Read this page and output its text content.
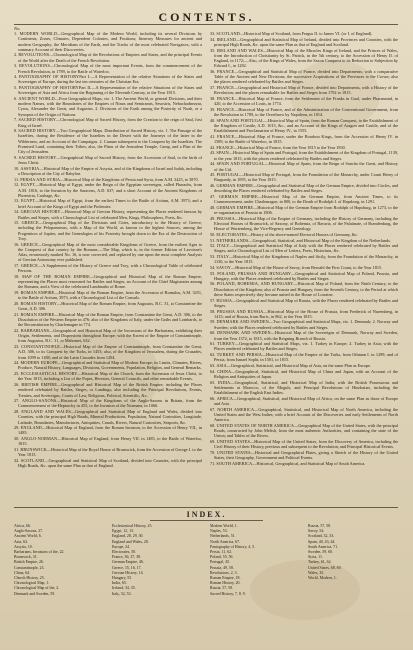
CONTENTS.
No.
1. MODERN WORLD—Geographical Map of the Modern World, including its several Divisions by Continents, Zones, Climates, Dependent Colonies, and Positions; Itinerary Measures for ancient and modern Geography; the Meridians of the Earth, and the Tracks of the most celebrated Navigators, with a summary Account of their Discoveries.
2. REVOLUTIONS—Chronological Map of the Revolutions of Empires and States, and the principal Events of the World after the Death of the French Revolution.
3. REVOLUTIONS—Chronological Map of the most important Events, from the commencement of the French Revolution, in 1789, to the Battle of Waterloo.
4. PANTOGRAPHY OF HISTORYPart I.—A Representation of the relative Situations of the States and Sovereigns of Europe, during the last ten centuries of the Christian Era.
5. PANTOGRAPHY OF HISTORYPart II.—A Representation of the relative Situations of the States and Sovereigns of Asia and Africa from the Beginning of the Eleventh Century, to the Year 1815.
6. ANCIENT WORLD—Four Geographical Maps, viz. 1. The Ancient World, or general Divisions, and their modern Names, with the Boundaries of the Empires of Ninus and Semiramis, Sesostris, Nebuchadnezzar, Cyrus, Alexander the Great, and Augustus. 2. Divisions of the Earth among the Posterity of Noah, or a Synopsis of the Origin of Nations.
7. SACRED HISTORY—Chronological Map of Sacred History, from the Creation to the reign of Saul, first King of Israel.
8. SACRED HISTORY—Two Geographical Maps. Distribution of Sacred History, viz. 1. The Passage of the Israelites, during the Residence of the Israelites in the Desert with the Journeys of the latter in the Wilderness, and an Account of the Campaigns. 2. Canaan subsequent to the Conquest by the Israelites. The Promised Land, containing their Tribes; also, the Plans of the Jerusalem Temple, Camp, and a Plan of the City of Jerusalem.
9. SACRED HISTORY—Geographical Map of Sacred History, from the Accession of Saul, to the birth of Jesus Christ.
10. ASSYRIA—Historical Map of the Empire of Assyria, and of the Kingdoms of Israel and Judah, including a Description of the City of Babylon.
11. PERSIA AND SYRIA—Historical Map of the Kingdoms of Persia and Syria, from A.M. 3425, to 3870.
12. EGYPT—Historical Map of Egypt, under the Reign of the Egyptian sovereigns, called Pharaohs, from A.M. 1816, to the Invasion by the Saracens, A.D. 637; and a short Account of the Ancient Kingdoms of Phoenicia, Carthage, &c.
13. EGYPT—Historical Map of Egypt, from the earliest Times to the Battle of Actium, A.M. 3973; and a brief Account of the Kings of Egypt and the Ptolemies.
14. GRECIAN HISTORY—Historical Map of Grecian History, representing the Places rendered famous by Battles and Sieges, with a Chronological List of celebrated Men, Kings, Philosophers, Poets, &c.
15. GREECE—Geographical Map of the Divisions and Cities, introductory to the History of Greece, including the Peloponnesus, with a Map of the World, as known to the highest Sources, among the Progenitors of Jupiter, and the Genealogies of his Posterity brought down to the Era of the Destruction of Troy.
16. GREECE—Geographical Map of the most considerable Kingdoms of Greece, from the earliest Ages to the Conquest of that country by the Romans.—The Map, which is, in the former Edition of Lavoisne's Atlas, erroneously marked No. 16, is now corrected, and replaced by one upon the most complete Analysis of Grecian Astronomy ever published.
17. GREECE—A Supplement of the History of Greece and Troy, with a Chronological Table of celebrated Persons.
18. MAP OF THE ROMAN EMPIRE—Geographical and Historical Map of the Roman Empire, representing the Places most renowned for Battles and Sieges; an Account of the Chief Magistrates among the Romans; and a View of the celebrated Landmarks of Rome.
19. ROMAN EMPIRE—Historical Map of the Roman Empire, from the Accession of Romulus, A.M. 3251, to the Battle of Actium, 3973, with a Chronological List of the Consuls.
20. ROMAN HISTORY—Historical Map of the Roman Empire, from Augustus, B.C. 31, to Constantine the Great, A.D. 306.
21. ROMAN EMPIRE—Historical Map of the Roman Empire, from Constantine the Great, A.D. 306, to the Dissolution of the Western Empire in 476; also of the Kingdoms of Italy, under the Goths and Lombards, to the Reconstitution by Charlemagne in 774.
22. BARBARIANS—Geographical and Historical Map of the Incursions of the Barbarians, exhibiting their Origin, Settlements, and Dispersions throughout Europe; with the Extent of the Empire of Constantinople, from Augustus, B.C. 31, to Mahomet, 632.
23. CONSTANTINOPLE—Historical Map of the Empire of Constantinople, from Constantine the Great, A.D. 306, to its Conquest by the Turks, in 1453; also, of the Kingdom of Jerusalem, during the Crusades, from 1099 to 1188; and of the Latin Crusades from 1204.
24. MODERN EUROPE—Geographical and Statistical Map of Modern Europe; its Limits, Climates, Rivers, Produce, Natural History, Languages, Divisions, Governments, Population, Religion, and General Remarks.
25. ECCLESIASTICAL HISTORY—Historical Map of the Church, from the Ascension of Jesus Christ, to the Year 1815, including a List of the Popes, Heresies, General Councils, and other remarkable Events.
26. BRITISH EMPIRE—Geographical and Historical Map of the British Empire; including the Places rendered celebrated by Battles, Sieges, or Landings; also including the Principal Revolutions, Events, Treaties, and Sovereigns, Courts of Law, Religious, Political, Scientific, &c.
27. ANGLO-SAXONS—Historical Map of the Kingdoms of the Anglo-Saxons in Britain, from the Commencement of the Heptarchy in 455, to the Invasion of the Normans, in 1066.
28. ENGLAND AND WALES—Geographical and Statistical Map of England and Wales, divided into Counties, with the principal High Roads, Mineral Productions, Population, Natural Curiosities, Longitude, Latitude, Boundaries, Manufactures, Antiquities, Canals, Rivers, Natural Curiosities, Seaports, &c.
29. ENGLAND—Historical Map of England, from the Roman Invasion, to the Accession of Henry VII., in 1485.
30. ANGLO-NORMAN—Historical Map of England, from Henry VII. in 1485, to the Battle of Waterloo, 1815.
31. BRUNSWICK—Historical Map of the Royal House of Brunswick, from the Accession of George I. to the Year 1815.
32. SCOTLAND—Geographical and Statistical Map of Scotland, divided into Counties, with the principal High Roads, &c. upon the same Plan as that of England.
33. SCOTLAND—Historical Map of Scotland, from Fergus II. to James VI. (or I. of England).
34. IRELAND—Geographical and Statistical Map of Ireland, divided into Provinces and Counties, with the principal High Roads, &c. upon the same Plan as that of England and Scotland.
35. IRELAND AND WALES—Historical Map of the Miracles Kings of Ireland, and the Princes of Wales, from the Introduction of Christianity by St. Patrick, in the 5th century, to the Accession of Henry II. of England, in 1172;—Also, of the Kings of Wales, from the Saxon Conquest to its Reduction to Subjection by Edward I., in 1282.
36. FRANCE—Geographical and Statistical Map of France, divided into Departments; with a comparative Table of the Ancient and New Divisions; the successive Acquisitions of the Provinces to the Crown; also the places rendered celebrated by Battles and Sieges.
37. FRANCE—Geographical and Historical Map of France, divided into Departments, with a History of the Revolution; and the places remarkable for Battles and Sieges from 1792 to 1815.
38. FRANCE—Historical Map of France, from the Settlement of the Franks in Gaul, under Pharamond, in 420, to the Accession of Louis, in 1774.
39. FRANCE—Historical Map of France, and of the Administration of the Conventional Government, from the Revolution in 1789, to the Overthrow by Napoleon, in 1814.
40. SPAIN AND PORTUGAL—Historical Map of Spain, from the Roman Conquest, to the Establishment of the Kingdom of Castile, A.D. 1015, &c., and an Account of the Kings of Aragon and Castile, and of the Establishment and Proclamation of Henry IV., in 1555.
41. FRANCE—Historical Map of France, under the Bourbon Kings, from the Accession of Henry IV. in 1589, to the Battle of Waterloo, in 1815.
42. FRANCE—Historical Map of France, from the Year 1815 to the Year 1830.
43. SPAIN—Historical Map of Spain and Portugal, from the Establishment of the Kingdom of Portugal, 1139, to the year 1815, with the places rendered celebrated by Battles and Sieges.
44. SPAIN AND PORTUGAL—Historical Map of Spain, from the Reign of Sancho the Great, and History of the Cid.
45. PORTUGAL—Historical Map of Portugal, from the Foundation of the Monarchy, under Count Henry of Burgundy, in 1095, to the Year 1815.
46. GERMAN EMPIRE—Geographical and Statistical Map of the German Empire, divided into Circles, and describing the Places rendered celebrated by Battles and Sieges.
47. GERMAN EMPIRE—Historical Map of the German Empire, from Ancient Times, to its Commencement, under Charlemagne, in 800, to the Death of Rodolph I. of Hapsburg, in 1291.
48. GERMAN EMPIRE—Historical Map of the German Empire from Rodolph of Hapsburg, in 1273, to the re-organization of Prussia in 1806.
49. PRUSSIA—Historical Map of the Empire of Germany, including the History of Germany, including the Electoral Houses of Brunswick, of Saxony, of Bohemia, of Bavaria, of the Palatinate, of Brandenburg, the House of Wurtemberg, the Vice-Regency and Genealogy.
50. ELECTORATES—History of the above-named Electoral Houses of Germany, &c.
51. NETHERLANDS—Geographical, Statistical, and Historical Map of the Kingdom of the Netherlands.
52. ITALY—Geographical and Statistical Map of Italy with the Places rendered celebrated by Battles and Sieges; and a Chronological List of Men of Letters, Poets, Historians, &c.
53. ITALY—Historical Map of the Kingdoms of Naples and Sicily, from the Foundation of the Monarchy, in 1130, to the Year 1815.
54. SAVOY—Historical Map of the House of Savoy, from Beroald the First Count, to the Year 1815.
55. POLAND, PRUSSIA AND HUNGARY—Geographical and Statistical Map of Poland, Prussia, and Hungary, with the Places rendered celebrated by Battles and Sieges.
56. POLAND, BOHEMIA, AND HUNGARY—Historical Map of Poland, from the Ninth Century, to the Dissolution of the Kingdom; also of Prussia and Hungary, from the Seventh Century, to the Period at which these States respectively they became united to the House of Lorraine.
57. RUSSIA—Geographical and Statistical Map of Russia, with the Places rendered celebrated by Battles and Sieges.
58. PRUSSIA AND RUSSIA—Historical Map of the House of Prussia, from Frederick of Nuremberg, in 1415; and of Russia, from Ruric, in 862, to the Year 1815.
59. DENMARK AND SWEDEN—Two Geographical and Statistical Maps, viz. 1. Denmark; 2. Norway and Sweden; with the Places rendered celebrated by Battles and Sieges.
60. DENMARK AND SWEDEN—Historical Map of the Sovereigns of Denmark, Norway and Sweden, from the Year 1372, to 1815, with the Reigning Branch of Russia.
61. TURKEY—Geographical and Statistical Maps, viz. 1. Turkey in Europe; 2. Turkey in Asia; with the Places rendered celebrated by Battles and Sieges.
62. TURKEY AND PERSIA—Historical Map of the Empire of the Turks, from Othman I. in 1299; and of Persia, from Ismael Sophi, in 1501, to 1815.
63. ASIA—Geographical, Statistical, and Historical Map of Asia, on the same Plan as Europe.
64. CHINA—Geographical, Statistical, and Historical Map of China and Japan, with an Account of the Religion and Antiquities of Japan.
65. INDIA—Geographical, Statistical, and Historical Map of India; with the British Possessions and Settlements at Morocco, of the Moguls, and Principal Revolutions of Hindostan, including the Establishment of the English East Indies.
66. AFRICA—Geographical, Statistical, and Historical Map of Africa, on the same Plan as those of Europe and Asia.
67. NORTH AMERICA—Geographical, Statistical, and Historical Map of North America, including the United States and the West Indies; with a brief Account of the Discoveries and early Settlements of North America.
68. UNITED STATES OF NORTH AMERICA—Geographical Map of the United States, with the principal Roads, constructed by John Melish, from the most authentic Authorities, and containing the state of the Union; and Tables of the Rivers.
69. UNITED STATES—Historical Map of the United States, from the Discovery of America, including the Civil History of their History, previous and subsequent to the Revolution, and Principal Historical Events.
70. UNITED STATES—Historical and Geographical Plates, giving a Sketch of the History of the United States, their Geography, Government and Political Events.
71. SOUTH AMERICA—Historical, Geographical, and Statistical Map of South America.
INDEX.
Africa, 66.
Anglo-Saxons, 27.
Ancient World, 6.
Asia, 63.
Assyria, 10.
Barbarians, Invasions of the, 22.
Brunswick, 31.
British Empire, 26.
Constantinople, 23.
China, 64.
Church History, 25.
Chronological Map, 1.
Chronological Map of the, 2.
Denmark and Sweden, 59.
Ecclesiastical History, 25.
Egypt, 12, 13.
England, 28, 29, 30.
England and Wales, 28.
Europe, 24.
Electorates, 50.
France, 36, 37, 38.
German Empire, 46.
Greece, 15, 16, 17.
Grecian History, 14.
Hungary, 55.
India, 65.
Ireland, 34, 35.
Italy, 52, 53.
Modern World, 1.
Naples, 53.
Netherlands, 51.
North America, 67.
Pantography of History, 4, 5.
Persia, 11, 62.
Poland, 55, 56.
Portugal, 45.
Prussia, 49, 58.
Revolutions, 2, 3.
Roman Empire, 18.
Roman History, 20.
Russia, 57, 58.
Sacred History, 7, 8, 9.
Russia, 57, 58.
Savoy, 54.
Scotland, 32, 33.
Spain, 40, 43, 44.
South America, 71.
Sweden, 59, 60.
Syria, 11.
Turkey, 61, 62.
United States, 68, 69.
Wales, 35.
World, Modern, 1.
